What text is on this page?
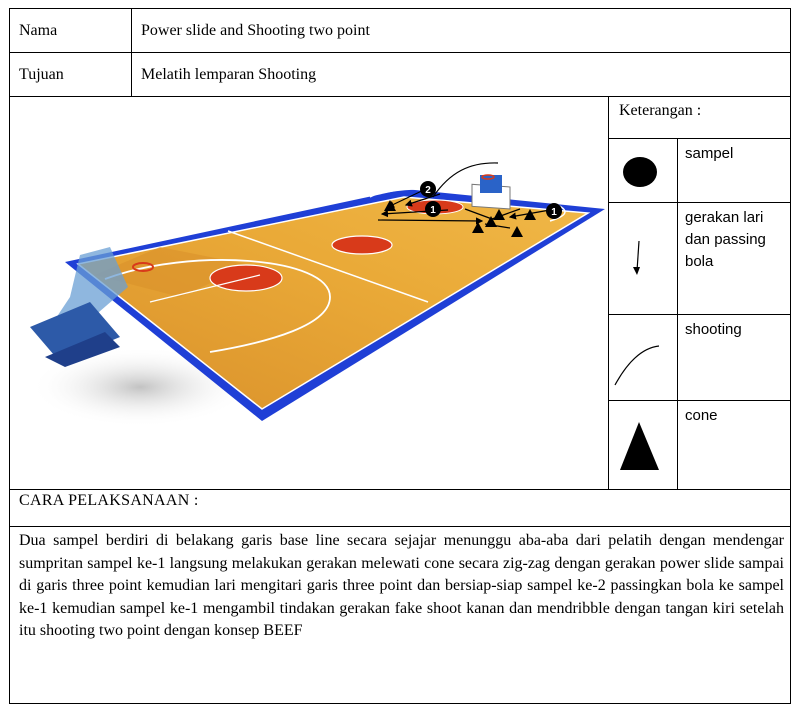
Nama	Power slide and Shooting two point
Tujuan	Melatih lemparan Shooting
2
1	1
Keterangan :
sampel
gerakan lari dan passing bola
shooting
cone
CARA PELAKSANAAN :
Dua sampel berdiri di belakang garis base line secara sejajar menunggu aba-aba dari pelatih dengan mendengar sumpritan sampel ke-1 langsung melakukan gerakan melewati cone secara zig-zag dengan gerakan power slide sampai di garis three point kemudian lari mengitari garis three point dan bersiap-siap sampel ke-2 passingkan bola ke sampel ke-1 kemudian sampel ke-1 mengambil tindakan gerakan fake shoot kanan dan mendribble dengan tangan kiri setelah itu shooting two point dengan konsep BEEF
